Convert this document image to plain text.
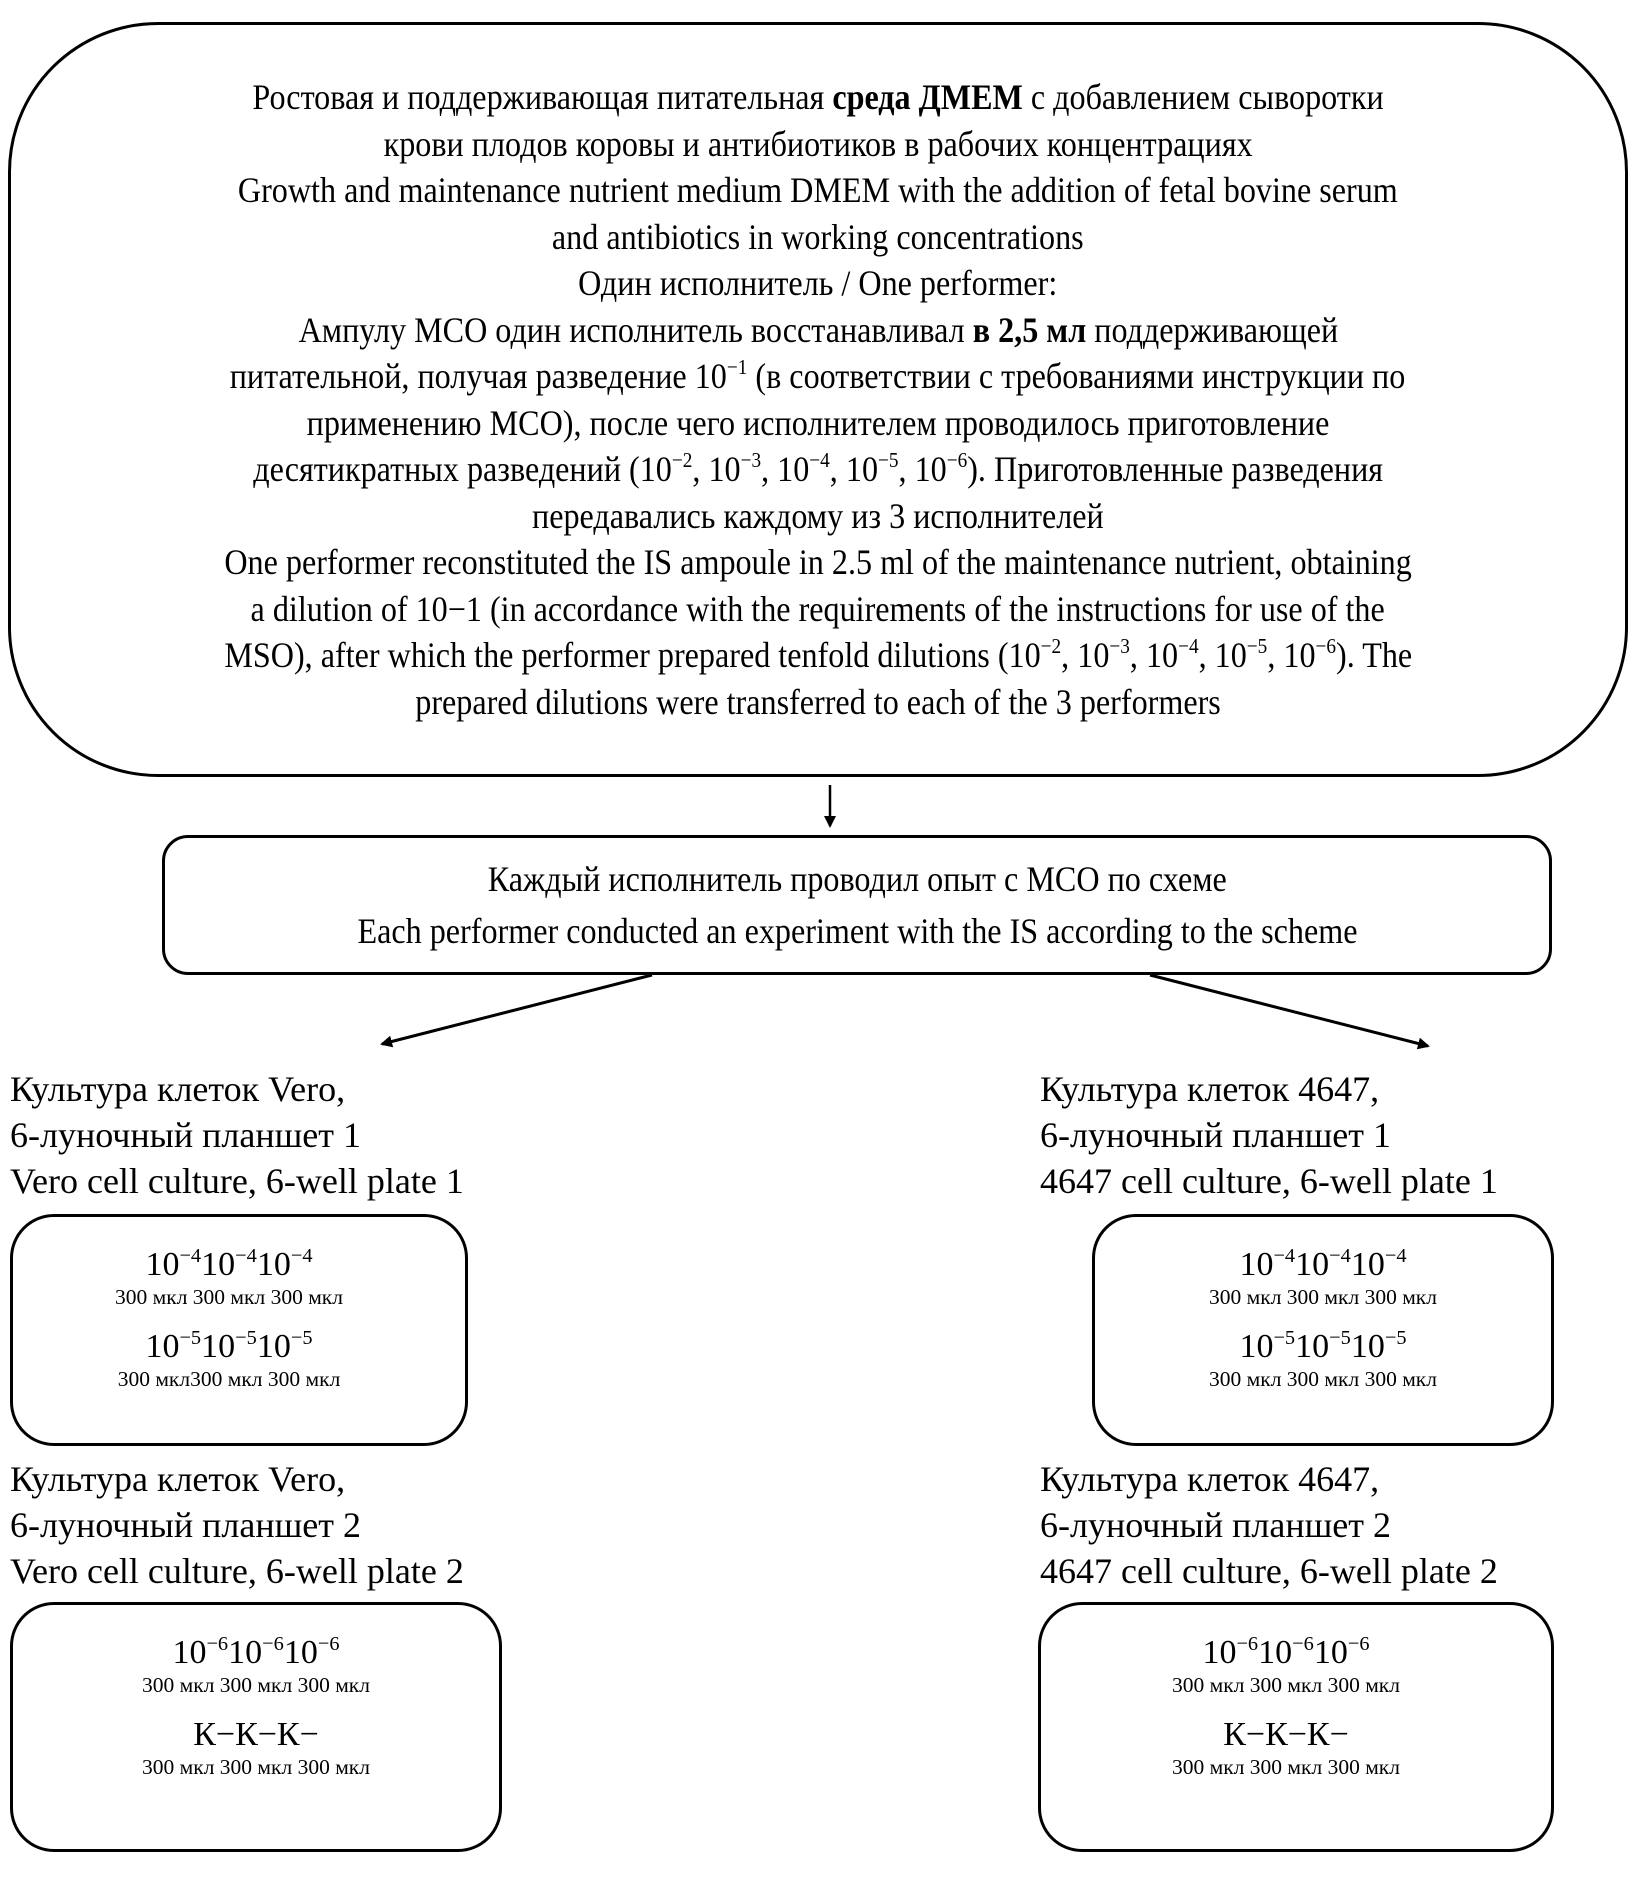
Ростовая и поддерживающая питательная среда ДМЕМ с добавлением сыворотки
крови плодов коровы и антибиотиков в рабочих концентрациях
Growth and maintenance nutrient medium DMEM with the addition of fetal bovine serum
and antibiotics in working concentrations
Один исполнитель / One performer:
Ампулу МСО один исполнитель восстанавливал в 2,5 мл поддерживающей
питательной, получая разведение $10^{-1}$ (в соответствии с требованиями инструкции по
применению МСО), после чего исполнителем проводилось приготовление
десятикратных разведений ($10^{-2}$, $10^{-3}$, $10^{-4}$, $10^{-5}$, $10^{-6}$). Приготовленные разведения
передавались каждому из 3 исполнителей
One performer reconstituted the IS ampoule in 2.5 ml of the maintenance nutrient, obtaining
a dilution of 10−1 (in accordance with the requirements of the instructions for use of the
MSO), after which the performer prepared tenfold dilutions ($10^{-2}$, $10^{-3}$, $10^{-4}$, $10^{-5}$, $10^{-6}$). The
prepared dilutions were transferred to each of the 3 performers
Каждый исполнитель проводил опыт с МСО по схеме
Each performer conducted an experiment with the IS according to the scheme
Культура клеток Vero,
6-луночный планшет 1
Vero cell culture, 6-well plate 1
$10^{-4}10^{-4}10^{-4}$
300 мкл 300 мкл 300 мкл
$10^{-5}10^{-5}10^{-5}$
300 мкл300 мкл 300 мкл
Культура клеток Vero,
6-луночный планшет 2
Vero cell culture, 6-well plate 2
$10^{-6}10^{-6}10^{-6}$
300 мкл 300 мкл 300 мкл
К−К−К−
300 мкл 300 мкл 300 мкл
Культура клеток 4647,
6-луночный планшет 1
4647 cell culture, 6-well plate 1
$10^{-4}10^{-4}10^{-4}$
300 мкл 300 мкл 300 мкл
$10^{-5}10^{-5}10^{-5}$
300 мкл 300 мкл 300 мкл
Культура клеток 4647,
6-луночный планшет 2
4647 cell culture, 6-well plate 2
$10^{-6}10^{-6}10^{-6}$
300 мкл 300 мкл 300 мкл
К−К−К−
300 мкл 300 мкл 300 мкл
